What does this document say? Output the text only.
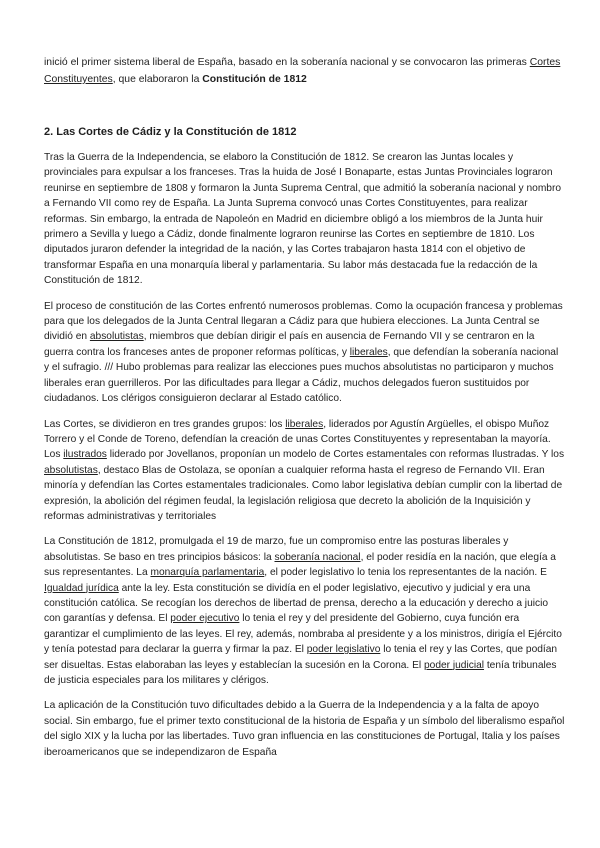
inició el primer sistema liberal de España, basado en la soberanía nacional y se convocaron las primeras Cortes Constituyentes, que elaboraron la Constitución de 1812
2. Las Cortes de Cádiz y la Constitución de 1812

Tras la Guerra de la Independencia, se elaboro la Constitución de 1812. Se crearon las Juntas locales y provinciales para expulsar a los franceses. Tras la huida de José I Bonaparte, estas Juntas Provinciales lograron reunirse en septiembre de 1808 y formaron la Junta Suprema Central, que admitió la soberanía nacional y nombro a Fernando VII como rey de España. La Junta Suprema convocó unas Cortes Constituyentes, para realizar reformas. Sin embargo, la entrada de Napoleón en Madrid en diciembre obligó a los miembros de la Junta huir primero a Sevilla y luego a Cádiz, donde finalmente lograron reunirse las Cortes en septiembre de 1810. Los diputados juraron defender la integridad de la nación, y las Cortes trabajaron hasta 1814 con el objetivo de transformar España en una monarquía liberal y parlamentaria. Su labor más destacada fue la redacción de la Constitución de 1812.

El proceso de constitución de las Cortes enfrentó numerosos problemas. Como la ocupación francesa y problemas para que los delegados de la Junta Central llegaran a Cádiz para que hubiera elecciones. La Junta Central se dividió en absolutistas, miembros que debían dirigir el país en ausencia de Fernando VII y se centraron en la guerra contra los franceses antes de proponer reformas políticas, y liberales, que defendían la soberanía nacional y el sufragio. /// Hubo problemas para realizar las elecciones pues muchos absolutistas no participaron y muchos liberales eran guerrilleros. Por las dificultades para llegar a Cádiz, muchos delegados fueron sustituidos por ciudadanos. Los clérigos consiguieron declarar al Estado católico.

Las Cortes, se dividieron en tres grandes grupos: los liberales, liderados por Agustín Argüelles, el obispo Muñoz Torrero y el Conde de Toreno, defendían la creación de unas Cortes Constituyentes y representaban la mayoría. Los ilustrados liderado por Jovellanos, proponían un modelo de Cortes estamentales con reformas Ilustradas. Y los absolutistas, destaco Blas de Ostolaza, se oponían a cualquier reforma hasta el regreso de Fernando VII. Eran minoría y defendían las Cortes estamentales tradicionales. Como labor legislativa debían cumplir con la libertad de expresión, la abolición del régimen feudal, la legislación religiosa que decreto la abolición de la Inquisición y reformas administrativas y territoriales

La Constitución de 1812, promulgada el 19 de marzo, fue un compromiso entre las posturas liberales y absolutistas. Se baso en tres principios básicos: la soberanía nacional, el poder residía en la nación, que elegía a sus representantes. La monarquía parlamentaria, el poder legislativo lo tenia los representantes de la nación. E Igualdad jurídica ante la ley. Esta constitución se dividía en el poder legislativo, ejecutivo y judicial y era una constitución católica. Se recogían los derechos de libertad de prensa, derecho a la educación y derecho a juicio con garantías y defensa. El poder ejecutivo lo tenia el rey y del presidente del Gobierno, cuya función era garantizar el cumplimiento de las leyes. El rey, además, nombraba al presidente y a los ministros, dirigía el Ejército y tenía potestad para declarar la guerra y firmar la paz. El poder legislativo lo tenia el rey y las Cortes, que podían ser disueltas. Estas elaboraban las leyes y establecían la sucesión en la Corona. El poder judicial tenía tribunales de justicia especiales para los militares y clérigos.

La aplicación de la Constitución tuvo dificultades debido a la Guerra de la Independencia y a la falta de apoyo social. Sin embargo, fue el primer texto constitucional de la historia de España y un símbolo del liberalismo español del siglo XIX y la lucha por las libertades. Tuvo gran influencia en las constituciones de Portugal, Italia y los países iberoamericanos que se independizaron de España
